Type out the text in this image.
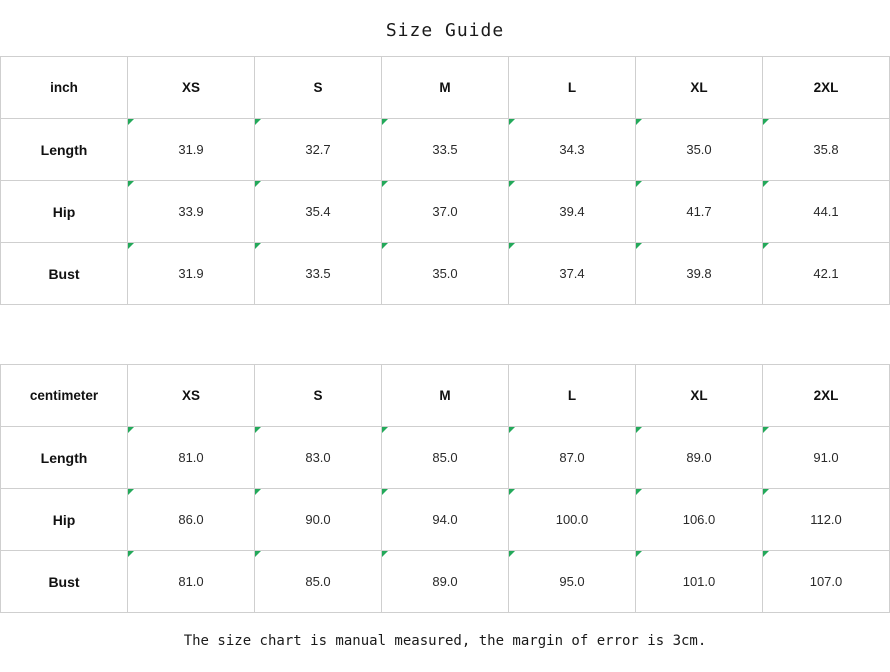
Size Guide
inch	XS	S	M	L	XL	2XL
Length	31.9	32.7	33.5	34.3	35.0	35.8
Hip	33.9	35.4	37.0	39.4	41.7	44.1
Bust	31.9	33.5	35.0	37.4	39.8	42.1
centimeter	XS	S	M	L	XL	2XL
Length	81.0	83.0	85.0	87.0	89.0	91.0
Hip	86.0	90.0	94.0	100.0	106.0	112.0
Bust	81.0	85.0	89.0	95.0	101.0	107.0
The size chart is manual measured, the margin of error is 3cm.
